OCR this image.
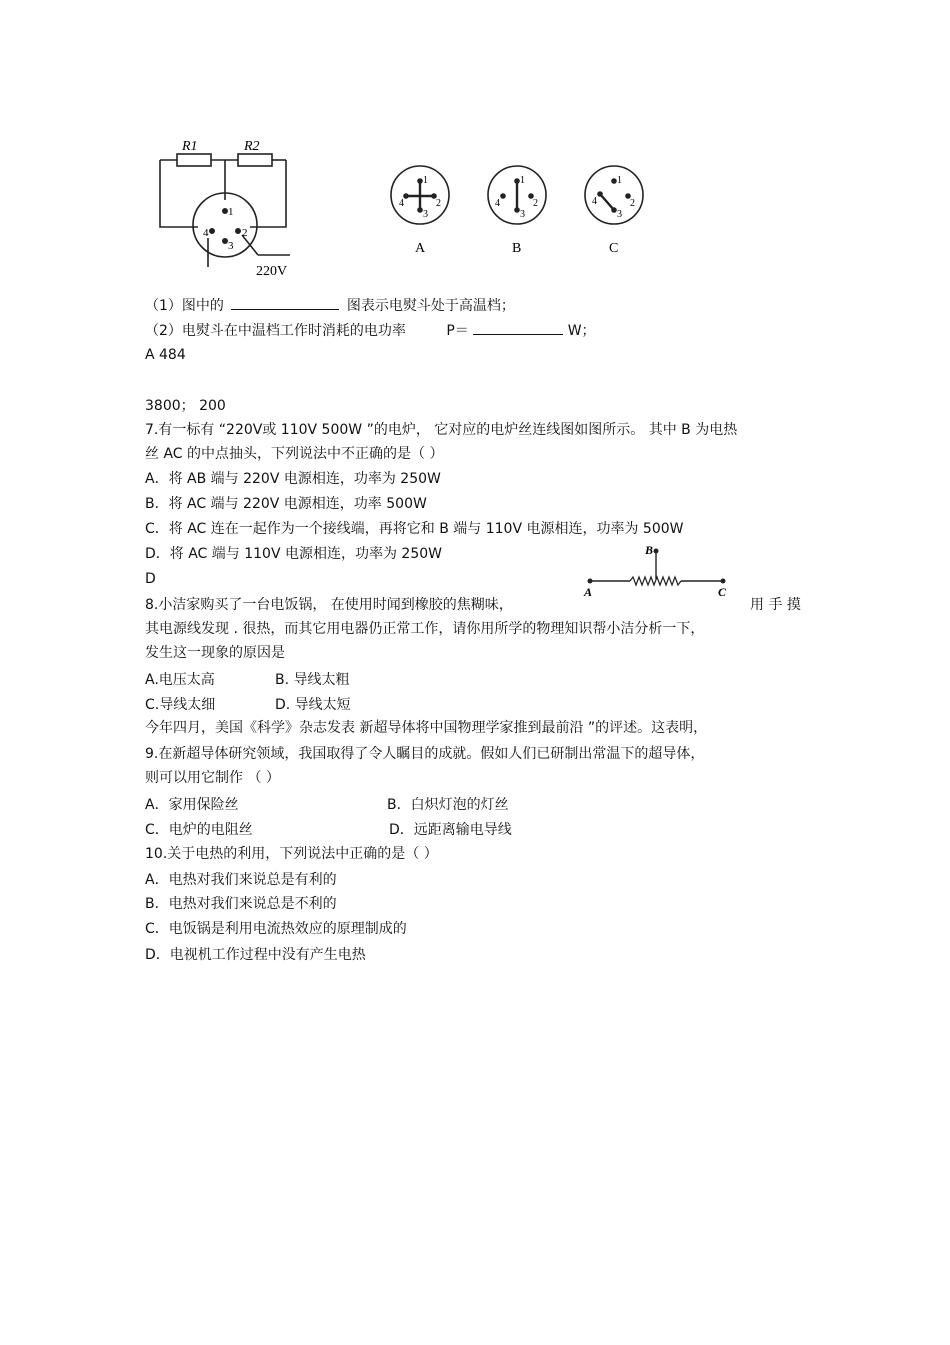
R1	R2
1
2
3
4
220V
1
2
3
4
A
1
2
3
4
B
1
2
3
4
C
（1）图中的	图表示电熨斗处于高温档；
（2）电熨斗在中温档工作时消耗的电功率	P＝	W；
A 484
3800； 200
7.有一标有 “220V或 110V 500W ”的电炉， 它对应的电炉丝连线图如图所示。 其中 B 为电热
丝 AC 的中点抽头，下列说法中不正确的是（ ）
A．将 AB 端与 220V 电源相连，功率为 250W
B．将 AC 端与 220V 电源相连，功率 500W
C．将 AC 连在一起作为一个接线端，再将它和 B 端与 110V 电源相连，功率为 500W
D．将 AC 端与 110V 电源相连，功率为 250W
D
A
B
C
8.小洁家购买了一台电饭锅， 在使用时闻到橡胶的焦糊味，	用 手 摸
其电源线发现 . 很热，而其它用电器仍正常工作，请你用所学的物理知识帮小洁分析一下，
发生这一现象的原因是
A.电压太高	B. 导线太粗
C.导线太细	D. 导线太短
今年四月，美国《科学》杂志发表 新超导体将中国物理学家推到最前沿 ”的评述。这表明，
9.在新超导体研究领域，我国取得了令人瞩目的成就。假如人们已研制出常温下的超导体，
则可以用它制作 （ ）
A．家用保险丝	B．白炽灯泡的灯丝
C．电炉的电阻丝	D．远距离输电导线
10.关于电热的利用，下列说法中正确的是（ ）
A．电热对我们来说总是有利的
B．电热对我们来说总是不利的
C．电饭锅是利用电流热效应的原理制成的
D．电视机工作过程中没有产生电热
